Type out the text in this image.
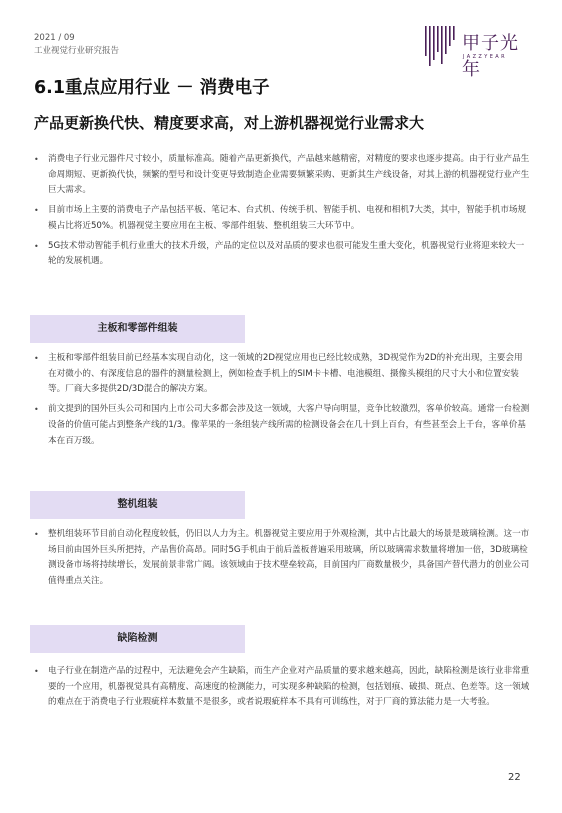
2021 / 09
工业视觉行业研究报告	甲子光年
JAZZYEAR
6.1重点应用行业 － 消费电子
产品更新换代快、精度要求高，对上游机器视觉行业需求大
• 消费电子行业元器件尺寸较小，质量标准高。随着产品更新换代，产品越来越精密，对精度的要求也逐步提高。由于行业产品生命周期短、更新换代快，频繁的型号和设计变更导致制造企业需要频繁采购、更新其生产线设备，对其上游的机器视觉行业产生巨大需求。
• 目前市场上主要的消费电子产品包括平板、笔记本、台式机、传统手机、智能手机、电视和相机7大类，其中，智能手机市场规模占比将近50%。机器视觉主要应用在主板、零部件组装、整机组装三大环节中。
• 5G技术带动智能手机行业重大的技术升级，产品的定位以及对品质的要求也很可能发生重大变化，机器视觉行业将迎来较大一轮的发展机遇。
主板和零部件组装
• 主板和零部件组装目前已经基本实现自动化，这一领域的2D视觉应用也已经比较成熟，3D视觉作为2D的补充出现，主要会用在对微小的、有深度信息的器件的测量检测上，例如检查手机上的SIM卡卡槽、电池模组、摄像头模组的尺寸大小和位置安装等。厂商大多提供2D/3D混合的解决方案。
• 前文提到的国外巨头公司和国内上市公司大多都会涉及这一领域，大客户导向明显，竞争比较激烈，客单价较高。通常一台检测设备的价值可能占到整条产线的1/3。像苹果的一条组装产线所需的检测设备会在几十到上百台，有些甚至会上千台，客单价基本在百万级。
整机组装
• 整机组装环节目前自动化程度较低，仍旧以人力为主。机器视觉主要应用于外观检测，其中占比最大的场景是玻璃检测。这一市场目前由国外巨头所把持，产品售价高昂。同时5G手机由于前后盖板普遍采用玻璃，所以玻璃需求数量将增加一倍，3D玻璃检测设备市场将持续增长，发展前景非常广阔。该领域由于技术壁垒较高，目前国内厂商数量极少，具备国产替代潜力的创业公司值得重点关注。
缺陷检测
• 电子行业在制造产品的过程中，无法避免会产生缺陷，而生产企业对产品质量的要求越来越高，因此，缺陷检测是该行业非常重要的一个应用，机器视觉具有高精度、高速度的检测能力，可实现多种缺陷的检测，包括划痕、破损、斑点、色差等。这一领域的难点在于消费电子行业瑕疵样本数量不是很多，或者说瑕疵样本不具有可训练性，对于厂商的算法能力是一大考验。
22
